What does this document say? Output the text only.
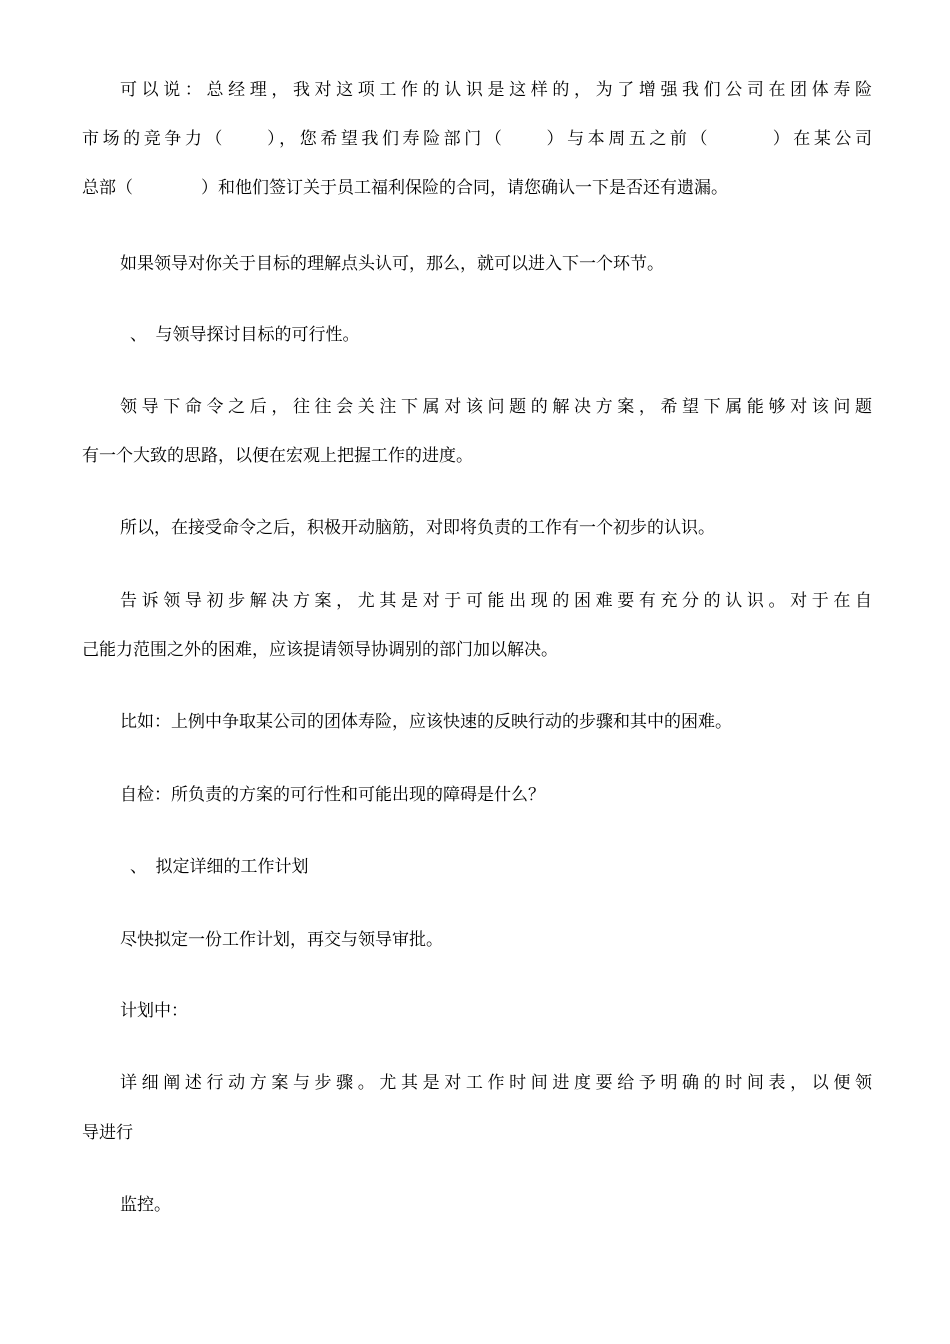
可以说：总经理，我对这项工作的认识是这样的，为了增强我们公司在团体寿险
市场的竞争力（　　），您希望我们寿险部门（　　）与本周五之前（　　　）在某公司
总部（　　　　）和他们签订关于员工福利保险的合同，请您确认一下是否还有遗漏。
如果领导对你关于目标的理解点头认可，那么，就可以进入下一个环节。
、　与领导探讨目标的可行性。
领导下命令之后，往往会关注下属对该问题的解决方案，希望下属能够对该问题
有一个大致的思路，以便在宏观上把握工作的进度。
所以，在接受命令之后，积极开动脑筋，对即将负责的工作有一个初步的认识。
告诉领导初步解决方案，尤其是对于可能出现的困难要有充分的认识。对于在自
己能力范围之外的困难，应该提请领导协调别的部门加以解决。
比如：上例中争取某公司的团体寿险，应该快速的反映行动的步骤和其中的困难。
自检：所负责的方案的可行性和可能出现的障碍是什么？
、　拟定详细的工作计划
尽快拟定一份工作计划，再交与领导审批。
计划中：
详细阐述行动方案与步骤。尤其是对工作时间进度要给予明确的时间表，以便领
导进行
监控。
